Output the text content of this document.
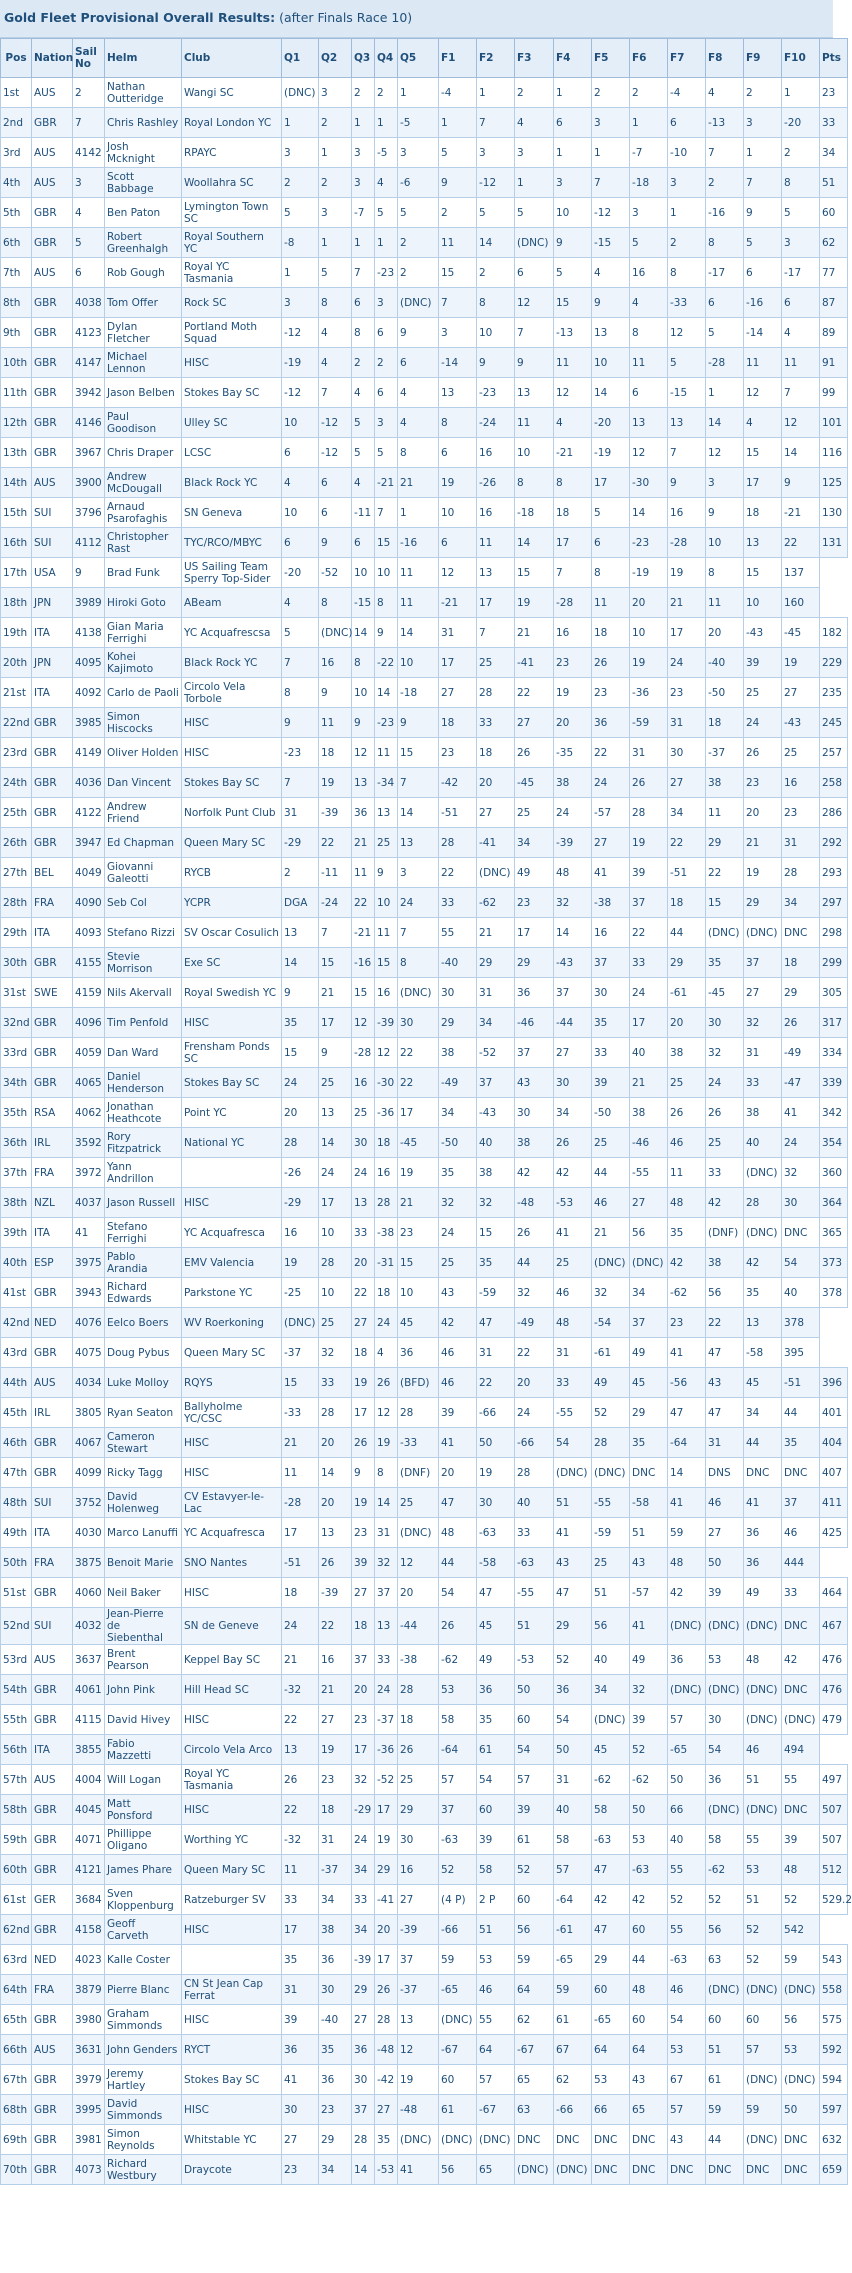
Gold Fleet Provisional Overall Results: (after Finals Race 10)
Pos	Nation	Sail No	Helm	Club	Q1	Q2	Q3	Q4	Q5	F1	F2	F3	F4	F5	F6	F7	F8	F9	F10	Pts
1st	AUS	2	Nathan Outteridge	Wangi SC	(DNC)	3	2	2	1	-4	1	2	1	2	2	-4	4	2	1	23
2nd	GBR	7	Chris Rashley	Royal London YC	1	2	1	1	-5	1	7	4	6	3	1	6	-13	3	-20	33
3rd	AUS	4142	Josh Mcknight	RPAYC	3	1	3	-5	3	5	3	3	1	1	-7	-10	7	1	2	34
4th	AUS	3	Scott Babbage	Woollahra SC	2	2	3	4	-6	9	-12	1	3	7	-18	3	2	7	8	51
5th	GBR	4	Ben Paton	Lymington Town SC	5	3	-7	5	5	2	5	5	10	-12	3	1	-16	9	5	60
6th	GBR	5	Robert Greenhalgh	Royal Southern YC	-8	1	1	1	2	11	14	(DNC)	9	-15	5	2	8	5	3	62
7th	AUS	6	Rob Gough	Royal YC Tasmania	1	5	7	-23	2	15	2	6	5	4	16	8	-17	6	-17	77
8th	GBR	4038	Tom Offer	Rock SC	3	8	6	3	(DNC)	7	8	12	15	9	4	-33	6	-16	6	87
9th	GBR	4123	Dylan Fletcher	Portland Moth Squad	-12	4	8	6	9	3	10	7	-13	13	8	12	5	-14	4	89
10th	GBR	4147	Michael Lennon	HISC	-19	4	2	2	6	-14	9	9	11	10	11	5	-28	11	11	91
11th	GBR	3942	Jason Belben	Stokes Bay SC	-12	7	4	6	4	13	-23	13	12	14	6	-15	1	12	7	99
12th	GBR	4146	Paul Goodison	Ulley SC	10	-12	5	3	4	8	-24	11	4	-20	13	13	14	4	12	101
13th	GBR	3967	Chris Draper	LCSC	6	-12	5	5	8	6	16	10	-21	-19	12	7	12	15	14	116
14th	AUS	3900	Andrew McDougall	Black Rock YC	4	6	4	-21	21	19	-26	8	8	17	-30	9	3	17	9	125
15th	SUI	3796	Arnaud Psarofaghis	SN Geneva	10	6	-11	7	1	10	16	-18	18	5	14	16	9	18	-21	130
16th	SUI	4112	Christopher Rast	TYC/RCO/MBYC	6	9	6	15	-16	6	11	14	17	6	-23	-28	10	13	22	131
17th	USA	9	Brad Funk	US Sailing Team Sperry Top-Sider	-20	-52	10	10	11	12	13	15	7	8	-19	19	8	15	137	
18th	JPN	3989	Hiroki Goto	ABeam	4	8	-15	8	11	-21	17	19	-28	11	20	21	11	10	160	
19th	ITA	4138	Gian Maria Ferrighi	YC Acquafrescsa	5	(DNC)	14	9	14	31	7	21	16	18	10	17	20	-43	-45	182
20th	JPN	4095	Kohei Kajimoto	Black Rock YC	7	16	8	-22	10	17	25	-41	23	26	19	24	-40	39	19	229
21st	ITA	4092	Carlo de Paoli	Circolo Vela Torbole	8	9	10	14	-18	27	28	22	19	23	-36	23	-50	25	27	235
22nd	GBR	3985	Simon Hiscocks	HISC	9	11	9	-23	9	18	33	27	20	36	-59	31	18	24	-43	245
23rd	GBR	4149	Oliver Holden	HISC	-23	18	12	11	15	23	18	26	-35	22	31	30	-37	26	25	257
24th	GBR	4036	Dan Vincent	Stokes Bay SC	7	19	13	-34	7	-42	20	-45	38	24	26	27	38	23	16	258
25th	GBR	4122	Andrew Friend	Norfolk Punt Club	31	-39	36	13	14	-51	27	25	24	-57	28	34	11	20	23	286
26th	GBR	3947	Ed Chapman	Queen Mary SC	-29	22	21	25	13	28	-41	34	-39	27	19	22	29	21	31	292
27th	BEL	4049	Giovanni Galeotti	RYCB	2	-11	11	9	3	22	(DNC)	49	48	41	39	-51	22	19	28	293
28th	FRA	4090	Seb Col	YCPR	DGA	-24	22	10	24	33	-62	23	32	-38	37	18	15	29	34	297
29th	ITA	4093	Stefano Rizzi	SV Oscar Cosulich	13	7	-21	11	7	55	21	17	14	16	22	44	(DNC)	(DNC)	DNC	298
30th	GBR	4155	Stevie Morrison	Exe SC	14	15	-16	15	8	-40	29	29	-43	37	33	29	35	37	18	299
31st	SWE	4159	Nils Akervall	Royal Swedish YC	9	21	15	16	(DNC)	30	31	36	37	30	24	-61	-45	27	29	305
32nd	GBR	4096	Tim Penfold	HISC	35	17	12	-39	30	29	34	-46	-44	35	17	20	30	32	26	317
33rd	GBR	4059	Dan Ward	Frensham Ponds SC	15	9	-28	12	22	38	-52	37	27	33	40	38	32	31	-49	334
34th	GBR	4065	Daniel Henderson	Stokes Bay SC	24	25	16	-30	22	-49	37	43	30	39	21	25	24	33	-47	339
35th	RSA	4062	Jonathan Heathcote	Point YC	20	13	25	-36	17	34	-43	30	34	-50	38	26	26	38	41	342
36th	IRL	3592	Rory Fitzpatrick	National YC	28	14	30	18	-45	-50	40	38	26	25	-46	46	25	40	24	354
37th	FRA	3972	Yann Andrillon		-26	24	24	16	19	35	38	42	42	44	-55	11	33	(DNC)	32	360
38th	NZL	4037	Jason Russell	HISC	-29	17	13	28	21	32	32	-48	-53	46	27	48	42	28	30	364
39th	ITA	41	Stefano Ferrighi	YC Acquafresca	16	10	33	-38	23	24	15	26	41	21	56	35	(DNF)	(DNC)	DNC	365
40th	ESP	3975	Pablo Arandia	EMV Valencia	19	28	20	-31	15	25	35	44	25	(DNC)	(DNC)	42	38	42	54	373
41st	GBR	3943	Richard Edwards	Parkstone YC	-25	10	22	18	10	43	-59	32	46	32	34	-62	56	35	40	378
42nd	NED	4076	Eelco Boers	WV Roerkoning	(DNC)	25	27	24	45	42	47	-49	48	-54	37	23	22	13	378	
43rd	GBR	4075	Doug Pybus	Queen Mary SC	-37	32	18	4	36	46	31	22	31	-61	49	41	47	-58	395	
44th	AUS	4034	Luke Molloy	RQYS	15	33	19	26	(BFD)	46	22	20	33	49	45	-56	43	45	-51	396
45th	IRL	3805	Ryan Seaton	Ballyholme YC/CSC	-33	28	17	12	28	39	-66	24	-55	52	29	47	47	34	44	401
46th	GBR	4067	Cameron Stewart	HISC	21	20	26	19	-33	41	50	-66	54	28	35	-64	31	44	35	404
47th	GBR	4099	Ricky Tagg	HISC	11	14	9	8	(DNF)	20	19	28	(DNC)	(DNC)	DNC	14	DNS	DNC	DNC	407
48th	SUI	3752	David Holenweg	CV Estavyer-le-Lac	-28	20	19	14	25	47	30	40	51	-55	-58	41	46	41	37	411
49th	ITA	4030	Marco Lanuffi	YC Acquafresca	17	13	23	31	(DNC)	48	-63	33	41	-59	51	59	27	36	46	425
50th	FRA	3875	Benoit Marie	SNO Nantes	-51	26	39	32	12	44	-58	-63	43	25	43	48	50	36	444	
51st	GBR	4060	Neil Baker	HISC	18	-39	27	37	20	54	47	-55	47	51	-57	42	39	49	33	464
52nd	SUI	4032	Jean-Pierre de Siebenthal	SN de Geneve	24	22	18	13	-44	26	45	51	29	56	41	(DNC)	(DNC)	(DNC)	DNC	467
53rd	AUS	3637	Brent Pearson	Keppel Bay SC	21	16	37	33	-38	-62	49	-53	52	40	49	36	53	48	42	476
54th	GBR	4061	John Pink	Hill Head SC	-32	21	20	24	28	53	36	50	36	34	32	(DNC)	(DNC)	(DNC)	DNC	476
55th	GBR	4115	David Hivey	HISC	22	27	23	-37	18	58	35	60	54	(DNC)	39	57	30	(DNC)	(DNC)	479
56th	ITA	3855	Fabio Mazzetti	Circolo Vela Arco	13	19	17	-36	26	-64	61	54	50	45	52	-65	54	46	494	
57th	AUS	4004	Will Logan	Royal YC Tasmania	26	23	32	-52	25	57	54	57	31	-62	-62	50	36	51	55	497
58th	GBR	4045	Matt Ponsford	HISC	22	18	-29	17	29	37	60	39	40	58	50	66	(DNC)	(DNC)	DNC	507
59th	GBR	4071	Phillippe Oligano	Worthing YC	-32	31	24	19	30	-63	39	61	58	-63	53	40	58	55	39	507
60th	GBR	4121	James Phare	Queen Mary SC	11	-37	34	29	16	52	58	52	57	47	-63	55	-62	53	48	512
61st	GER	3684	Sven Kloppenburg	Ratzeburger SV	33	34	33	-41	27	(4 P)	2 P	60	-64	42	42	52	52	51	52	529.2
62nd	GBR	4158	Geoff Carveth	HISC	17	38	34	20	-39	-66	51	56	-61	47	60	55	56	52	542	
63rd	NED	4023	Kalle Coster		35	36	-39	17	37	59	53	59	-65	29	44	-63	63	52	59	543
64th	FRA	3879	Pierre Blanc	CN St Jean Cap Ferrat	31	30	29	26	-37	-65	46	64	59	60	48	46	(DNC)	(DNC)	(DNC)	558
65th	GBR	3980	Graham Simmonds	HISC	39	-40	27	28	13	(DNC)	55	62	61	-65	60	54	60	60	56	575
66th	AUS	3631	John Genders	RYCT	36	35	36	-48	12	-67	64	-67	67	64	64	53	51	57	53	592
67th	GBR	3979	Jeremy Hartley	Stokes Bay SC	41	36	30	-42	19	60	57	65	62	53	43	67	61	(DNC)	(DNC)	594
68th	GBR	3995	David Simmonds	HISC	30	23	37	27	-48	61	-67	63	-66	66	65	57	59	59	50	597
69th	GBR	3981	Simon Reynolds	Whitstable YC	27	29	28	35	(DNC)	(DNC)	(DNC)	DNC	DNC	DNC	DNC	43	44	(DNC)	DNC	632
70th	GBR	4073	Richard Westbury	Draycote	23	34	14	-53	41	56	65	(DNC)	(DNC)	DNC	DNC	DNC	DNC	DNC	DNC	659
